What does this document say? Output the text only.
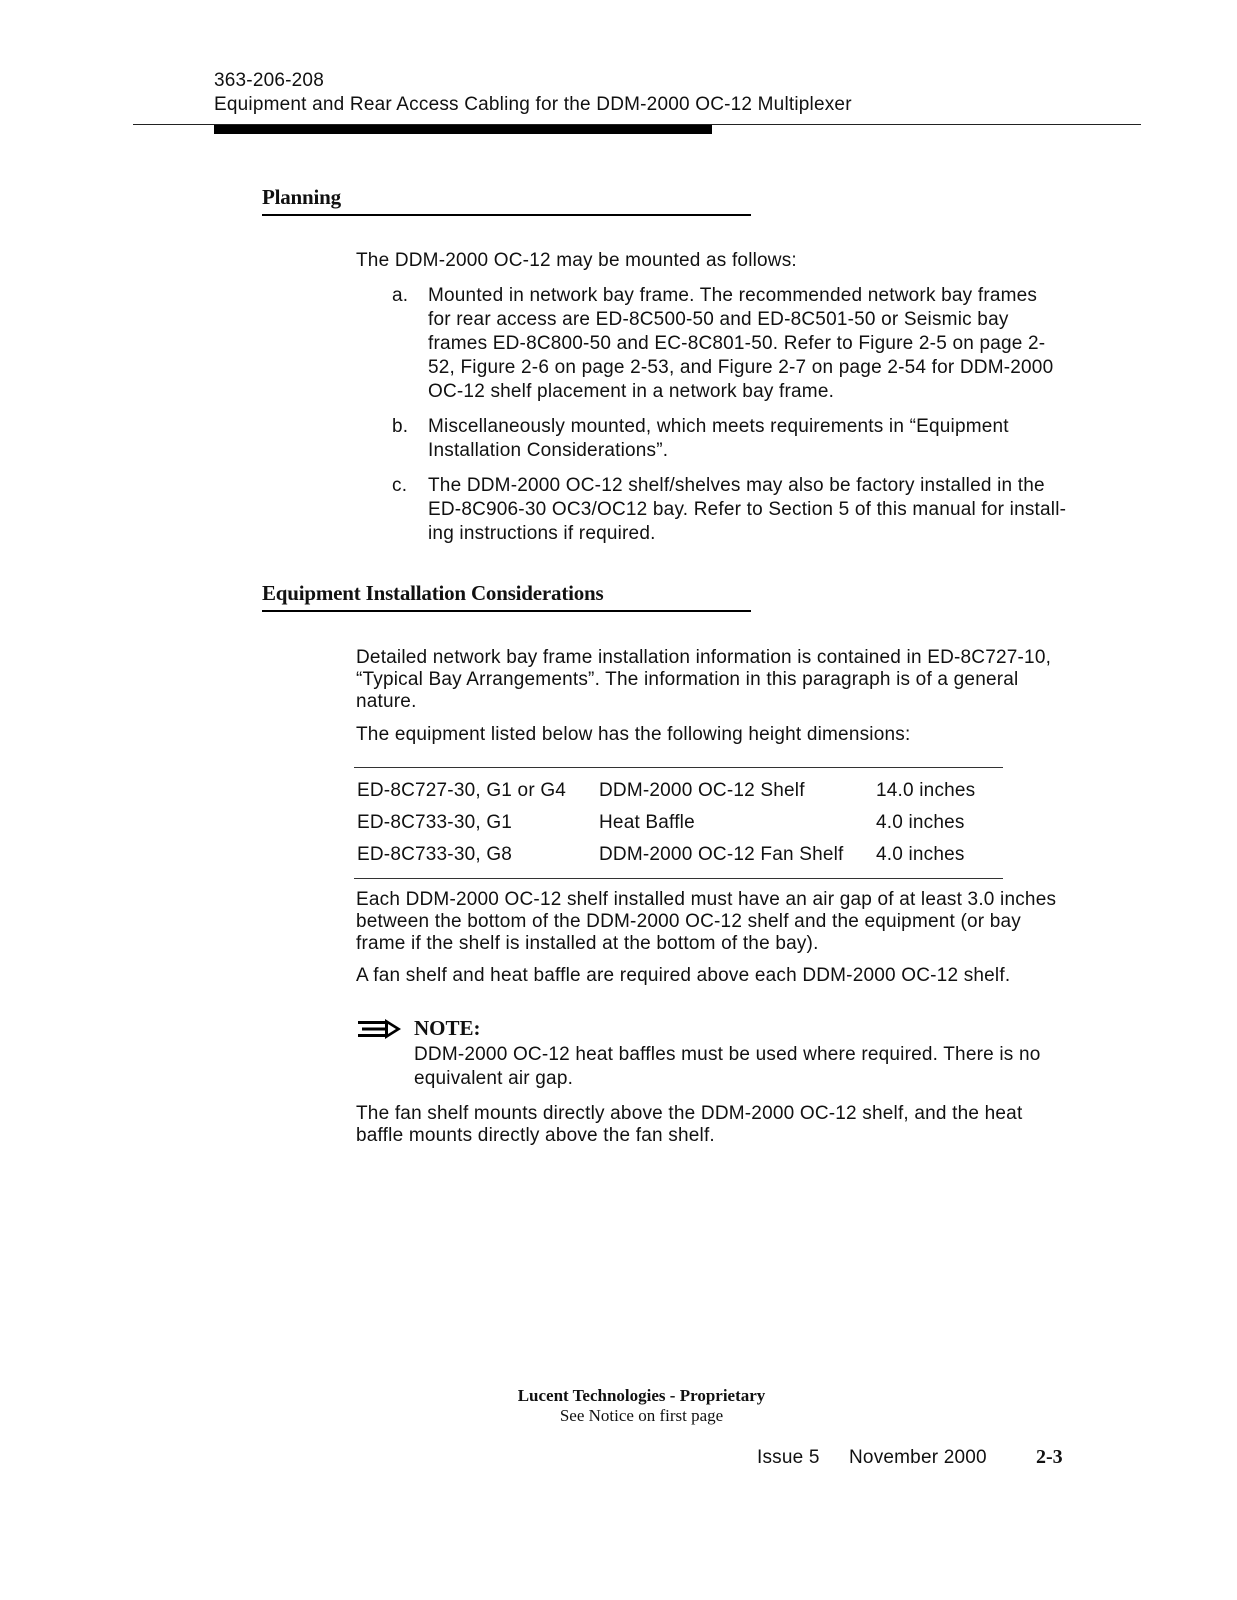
363-206-208
Equipment and Rear Access Cabling for the DDM-2000 OC-12 Multiplexer
Planning
The DDM-2000 OC-12 may be mounted as follows:
a. Mounted in network bay frame. The recommended network bay frames
for rear access are ED-8C500-50 and ED-8C501-50 or Seismic bay
frames ED-8C800-50 and EC-8C801-50. Refer to Figure 2-5 on page 2-
52, Figure 2-6 on page 2-53, and Figure 2-7 on page 2-54 for DDM-2000
OC-12 shelf placement in a network bay frame.
b. Miscellaneously mounted, which meets requirements in “Equipment
Installation Considerations”.
c. The DDM-2000 OC-12 shelf/shelves may also be factory installed in the
ED-8C906-30 OC3/OC12 bay. Refer to Section 5 of this manual for install-
ing instructions if required.
Equipment Installation Considerations
Detailed network bay frame installation information is contained in ED-8C727-10,
“Typical Bay Arrangements”. The information in this paragraph is of a general
nature.
The equipment listed below has the following height dimensions:
ED-8C727-30, G1 or G4	DDM-2000 OC-12 Shelf	14.0 inches
ED-8C733-30, G1	Heat Baffle	4.0 inches
ED-8C733-30, G8	DDM-2000 OC-12 Fan Shelf	4.0 inches
Each DDM-2000 OC-12 shelf installed must have an air gap of at least 3.0 inches
between the bottom of the DDM-2000 OC-12 shelf and the equipment (or bay
frame if the shelf is installed at the bottom of the bay).
A fan shelf and heat baffle are required above each DDM-2000 OC-12 shelf.
NOTE:
DDM-2000 OC-12 heat baffles must be used where required. There is no
equivalent air gap.
The fan shelf mounts directly above the DDM-2000 OC-12 shelf, and the heat
baffle mounts directly above the fan shelf.
Lucent Technologies - Proprietary
See Notice on first page
Issue 5 November 2000 2-3
